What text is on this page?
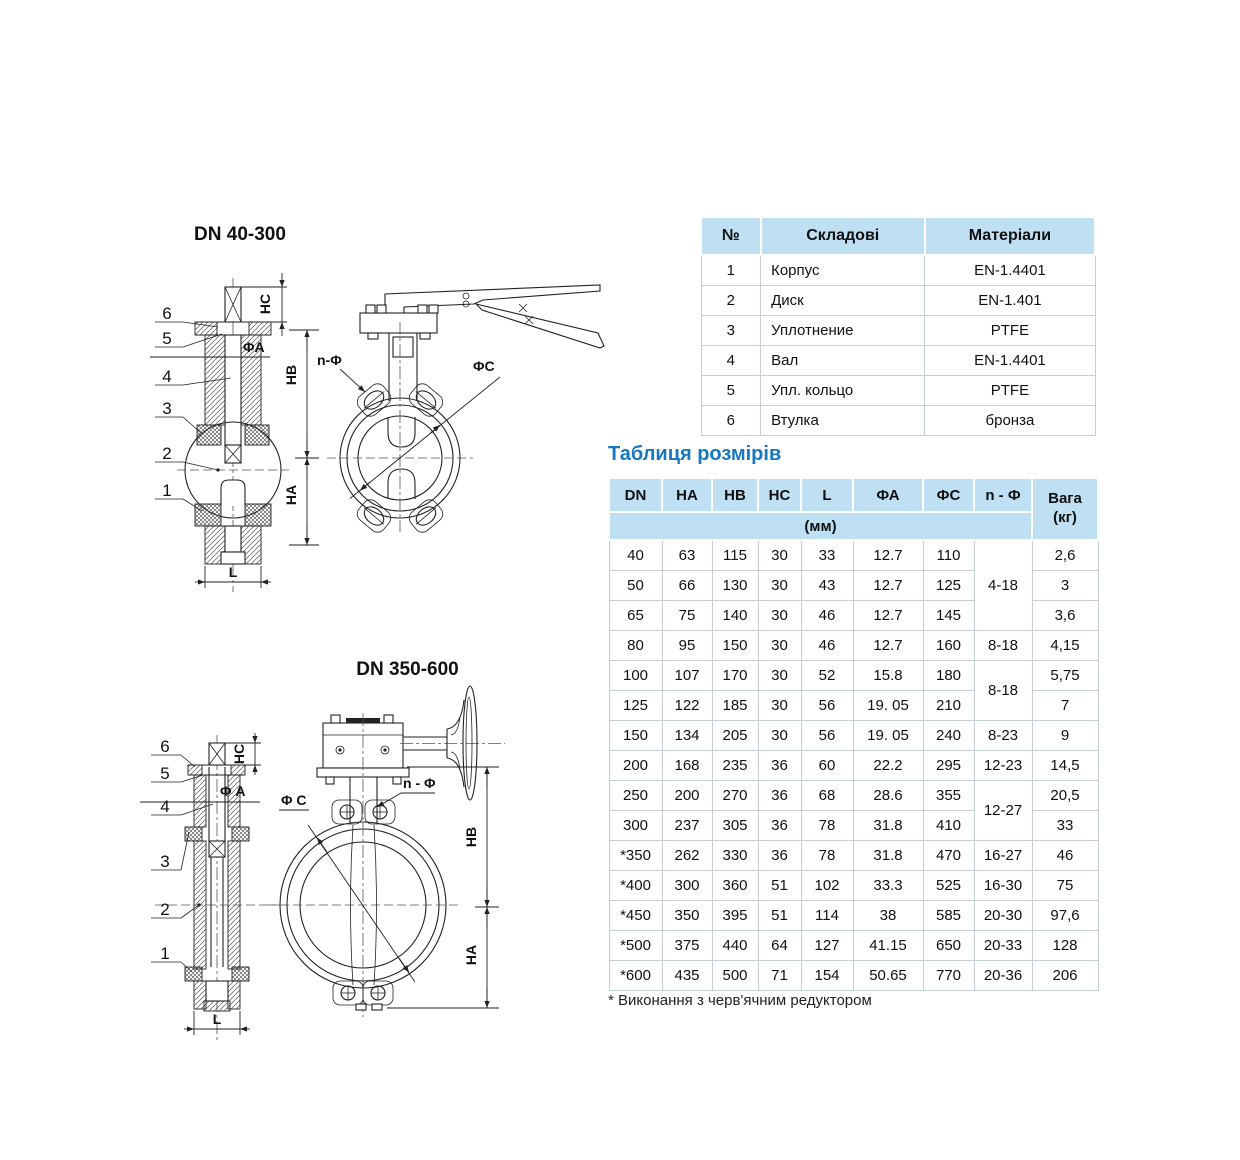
DN 40-300
ΦA
L
HC
6
5
4
3
2
1
HB
HA
n-Φ	ΦC
DN 350-600
HC
Φ A
L
6
5
4
3
2
1
n - Φ
Φ C
HB
HA
№	Складові	Матеріали
1	Корпус	EN-1.4401
2	Диск	EN-1.401
3	Уплотнение	PTFE
4	Вал	EN-1.4401
5	Упл. кольцо	PTFE
6	Втулка	бронза
Таблиця розмірів
DN	HA	HB	HC	L	ФА	ФС	n - Ф	Вага
(кг)

(мм)								
40	63	115	30	33	12.7	110	4-18	2,6
50	66	130	30	43	12.7	125		3
65	75	140	30	46	12.7	145		3,6
80	95	150	30	46	12.7	160	8-18	4,15
100	107	170	30	52	15.8	180	8-18	5,75
125	122	185	30	56	19. 05	210		7
150	134	205	30	56	19. 05	240	8-23	9
200	168	235	36	60	22.2	295	12-23	14,5
250	200	270	36	68	28.6	355	12-27	20,5
300	237	305	36	78	31.8	410		33
*350	262	330	36	78	31.8	470	16-27	46
*400	300	360	51	102	33.3	525	16-30	75
*450	350	395	51	114	38	585	20-30	97,6
*500	375	440	64	127	41.15	650	20-33	128
*600	435	500	71	154	50.65	770	20-36	206
* Виконання з черв'ячним редуктором
